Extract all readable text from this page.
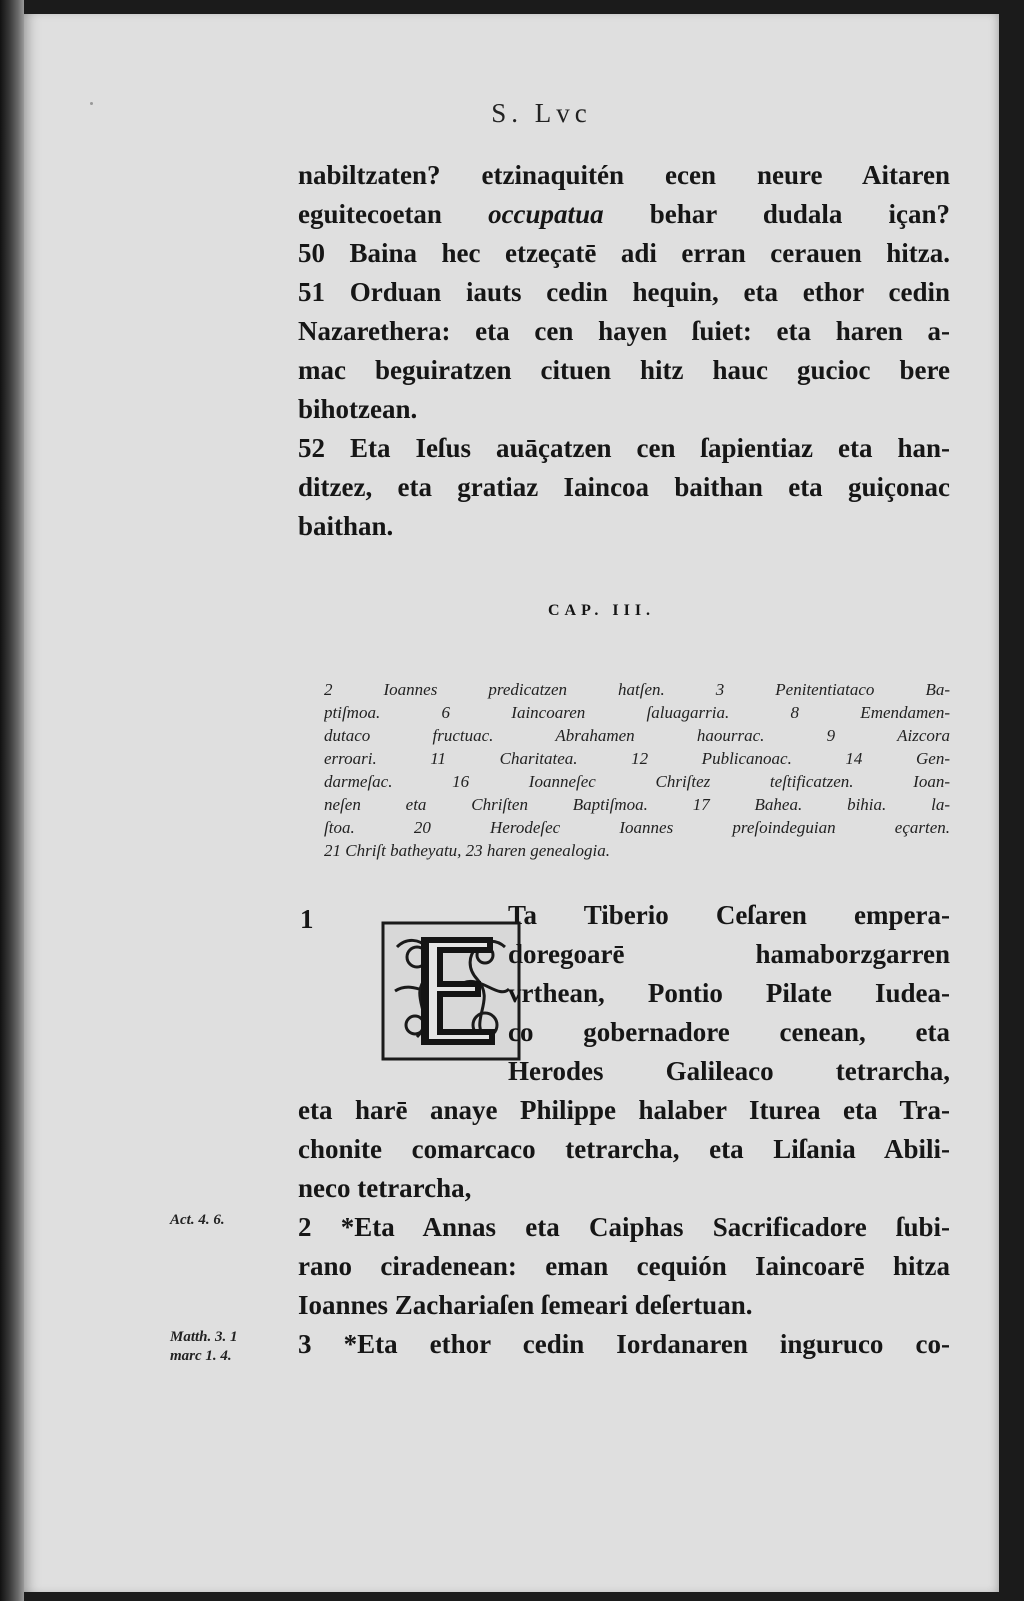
S. Lvc
nabiltzaten? etzinaquitén ecen neure Aitaren
eguitecoetan occupatua behar dudala içan?
50 Baina hec etzeçatē adi erran cerauen hitza.
51 Orduan iauts cedin hequin, eta ethor cedin
Nazarethera: eta cen hayen ſuiet: eta haren a-
mac beguiratzen cituen hitz hauc gucioc bere
bihotzean.
52 Eta Ieſus auāçatzen cen ſapientiaz eta han-
ditzez, eta gratiaz Iaincoa baithan eta guiçonac
baithan.
CAP. III.
2 Ioannes predicatzen hatſen. 3 Penitentiataco Ba-
ptiſmoa. 6 Iaincoaren ſaluagarria. 8 Emendamen-
dutaco fructuac. Abrahamen haourrac. 9 Aizcora
erroari. 11 Charitatea. 12 Publicanoac. 14 Gen-
darmeſac. 16 Ioanneſec Chriſtez teſtificatzen. Ioan-
neſen eta Chriſten Baptiſmoa. 17 Bahea. bihia. la-
ſtoa. 20 Herodeſec Ioannes preſoindeguian eçarten.
21 Chriſt batheyatu, 23 haren genealogia.
1	Ta Tiberio Ceſaren empera-
doregoarē hamaborzgarren
vrthean, Pontio Pilate Iudea-
co gobernadore cenean, eta
Herodes Galileaco tetrarcha,
eta harē anaye Philippe halaber Iturea eta Tra-
chonite comarcaco tetrarcha, eta Liſania Abili-
neco tetrarcha,
2 *Eta Annas eta Caiphas Sacrificadore ſubi-
rano ciradenean: eman cequión Iaincoarē hitza
Ioannes Zachariaſen ſemeari deſertuan.
3 *Eta ethor cedin Iordanaren inguruco co-
Act. 4. 6.
Matth. 3. 1
marc 1. 4.
